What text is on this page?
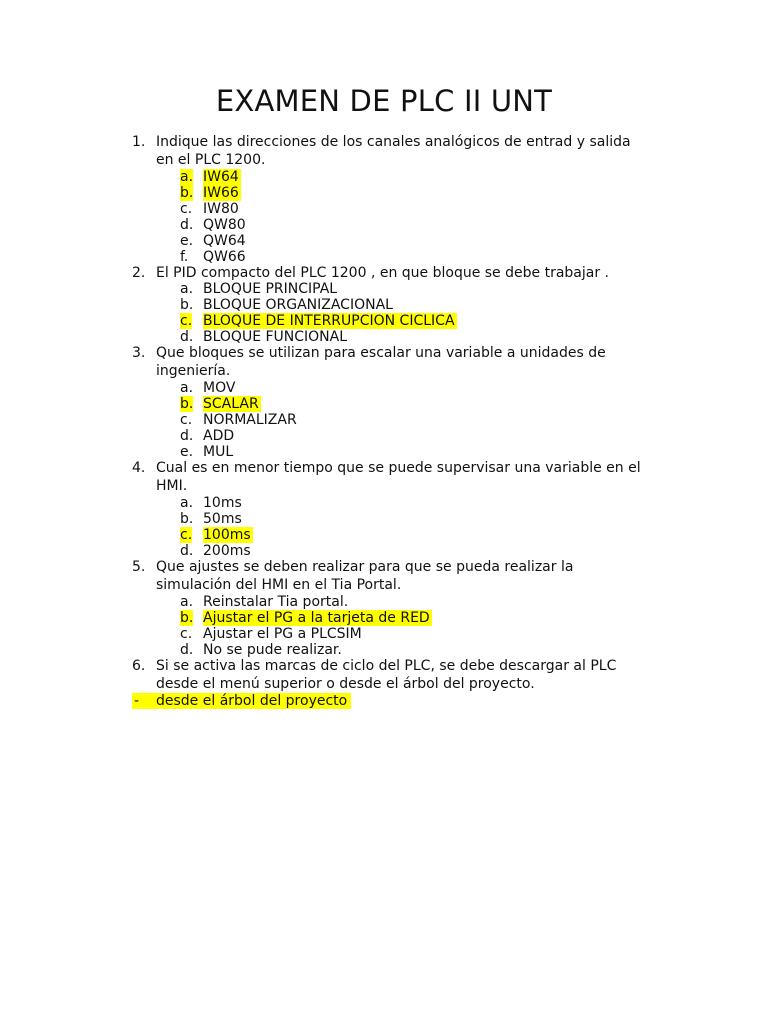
EXAMEN DE PLC II UNT
1. Indique las direcciones de los canales analógicos de entrad y salida
en el PLC 1200.
a. IW64
b. IW66
c. IW80
d. QW80
e. QW64
f. QW66
2. El PID compacto del PLC 1200 , en que bloque se debe trabajar .
a. BLOQUE PRINCIPAL
b. BLOQUE ORGANIZACIONAL
c. BLOQUE DE INTERRUPCION CICLICA
d. BLOQUE FUNCIONAL
3. Que bloques se utilizan para escalar una variable a unidades de
ingeniería.
a. MOV
b. SCALAR
c. NORMALIZAR
d. ADD
e. MUL
4. Cual es en menor tiempo que se puede supervisar una variable en el
HMI.
a. 10ms
b. 50ms
c. 100ms
d. 200ms
5. Que ajustes se deben realizar para que se pueda realizar la
simulación del HMI en el Tia Portal.
a. Reinstalar Tia portal.
b. Ajustar el PG a la tarjeta de RED
c. Ajustar el PG a PLCSIM
d. No se pude realizar.
6. Si se activa las marcas de ciclo del PLC, se debe descargar al PLC
desde el menú superior o desde el árbol del proyecto.
- desde el árbol del proyecto
